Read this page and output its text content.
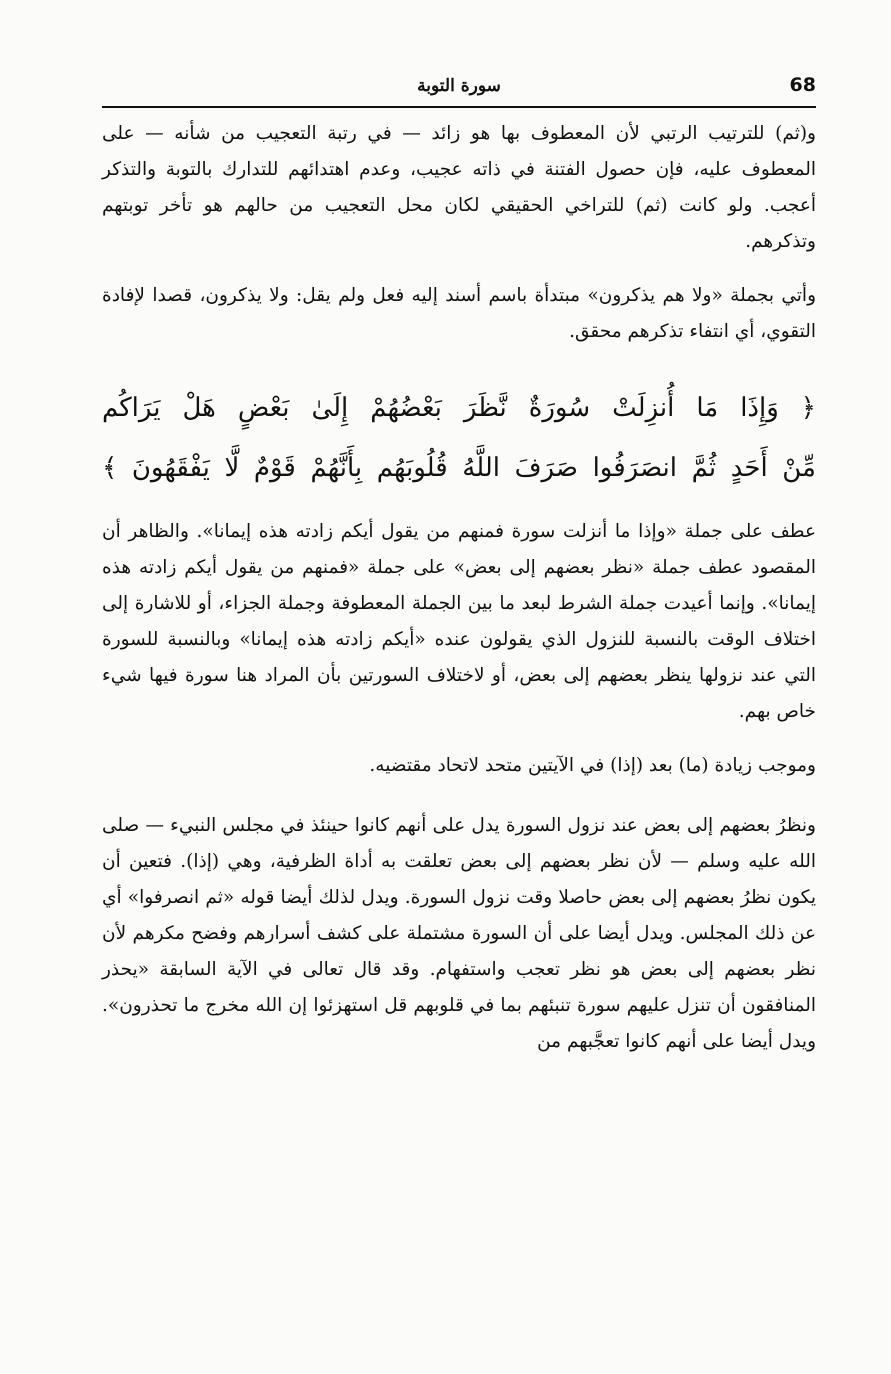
68
سورة التوبة

و(ثم) للترتيب الرتبي لأن المعطوف بها هو زائد — في رتبة التعجيب من شأنه — على المعطوف عليه، فإن حصول الفتنة في ذاته عجيب، وعدم اهتدائهم للتدارك بالتوبة والتذكر أعجب. ولو كانت (ثم) للتراخي الحقيقي لكان محل التعجيب من حالهم هو تأخر توبتهم وتذكرهم.

وأتي بجملة «ولا هم يذكرون» مبتدأة باسم أسند إليه فعل ولم يقل: ولا يذكرون، قصدا لإفادة التقوي، أي انتفاء تذكرهم محقق.

﴿ وَإِذَا مَا أُنزِلَتْ سُورَةٌ نَّظَرَ بَعْضُهُمْ إِلَىٰ بَعْضٍ هَلْ يَرَاكُم
مِّنْ أَحَدٍ ثُمَّ انصَرَفُوا صَرَفَ اللَّهُ قُلُوبَهُم بِأَنَّهُمْ قَوْمٌ لَّا يَفْقَهُونَ ﴾

عطف على جملة «وإذا ما أنزلت سورة فمنهم من يقول أيكم زادته هذه إيمانا». والظاهر أن المقصود عطف جملة «نظر بعضهم إلى بعض» على جملة «فمنهم من يقول أيكم زادته هذه إيمانا». وإنما أعيدت جملة الشرط لبعد ما بين الجملة المعطوفة وجملة الجزاء، أو للاشارة إلى اختلاف الوقت بالنسبة للنزول الذي يقولون عنده «أيكم زادته هذه إيمانا» وبالنسبة للسورة التي عند نزولها ينظر بعضهم إلى بعض، أو لاختلاف السورتين بأن المراد هنا سورة فيها شيء خاص بهم.

وموجب زيادة (ما) بعد (إذا) في الآيتين متحد لاتحاد مقتضيه.

ونظرُ بعضهم إلى بعض عند نزول السورة يدل على أنهم كانوا حينئذ في مجلس النبيء — صلى الله عليه وسلم — لأن نظر بعضهم إلى بعض تعلقت به أداة الظرفية، وهي (إذا). فتعين أن يكون نظرُ بعضهم إلى بعض حاصلا وقت نزول السورة. ويدل لذلك أيضا قوله «ثم انصرفوا» أي عن ذلك المجلس. ويدل أيضا على أن السورة مشتملة على كشف أسرارهم وفضح مكرهم لأن نظر بعضهم إلى بعض هو نظر تعجب واستفهام. وقد قال تعالى في الآية السابقة «يحذر المنافقون أن تنزل عليهم سورة تنبئهم بما في قلوبهم قل استهزئوا إن الله مخرج ما تحذرون». ويدل أيضا على أنهم كانوا تعجَّبهم من
